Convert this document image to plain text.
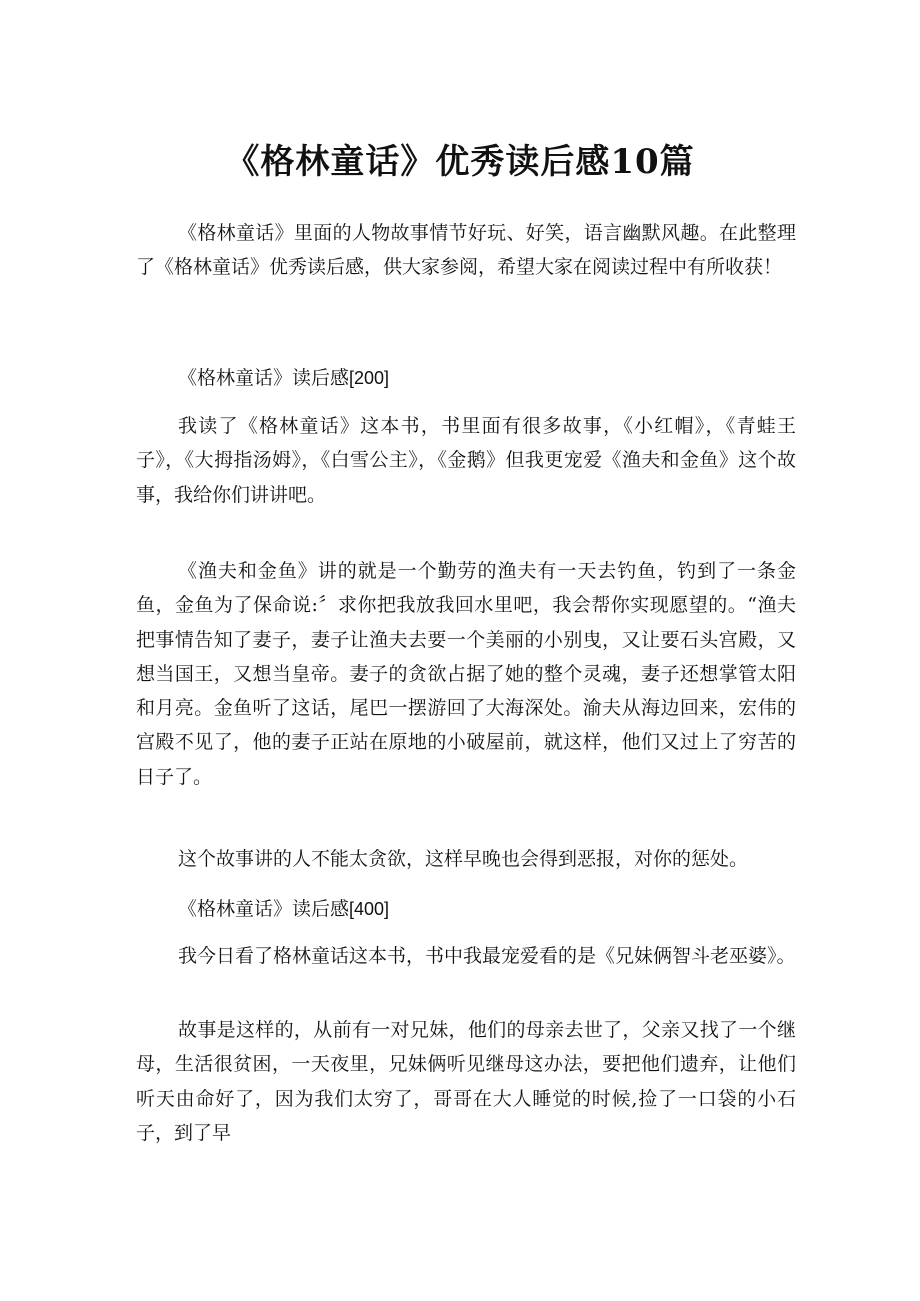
《格林童话》优秀读后感10篇

《格林童话》里面的人物故事情节好玩、好笑，语言幽默风趣。在此整理了《格林童话》优秀读后感，供大家参阅，希望大家在阅读过程中有所收获！

《格林童话》读后感[200]

我读了《格林童话》这本书，书里面有很多故事，《小红帽》，《青蛙王子》，《大拇指汤姆》，《白雪公主》，《金鹅》但我更宠爱《渔夫和金鱼》这个故事，我给你们讲讲吧。

《渔夫和金鱼》讲的就是一个勤劳的渔夫有一天去钓鱼，钓到了一条金鱼，金鱼为了保命说:〞求你把我放我回水里吧，我会帮你实现愿望的。“渔夫把事情告知了妻子，妻子让渔夫去要一个美丽的小别曳，又让要石头宫殿，又想当国王，又想当皇帝。妻子的贪欲占据了她的整个灵魂，妻子还想掌管太阳和月亮。金鱼听了这话，尾巴一摆游回了大海深处。渝夫从海边回来，宏伟的宫殿不见了，他的妻子正站在原地的小破屋前，就这样，他们又过上了穷苦的日子了。

这个故事讲的人不能太贪欲，这样早晚也会得到恶报，对你的惩处。

《格林童话》读后感[400]

我今日看了格林童话这本书，书中我最宠爱看的是《兄妹俩智斗老巫婆》。

故事是这样的，从前有一对兄妹，他们的母亲去世了，父亲又找了一个继母，生活很贫困，一天夜里，兄妹俩听见继母这办法，要把他们遗弃，让他们听天由命好了，因为我们太穷了，哥哥在大人睡觉的时候,捡了一口袋的小石子，到了早
